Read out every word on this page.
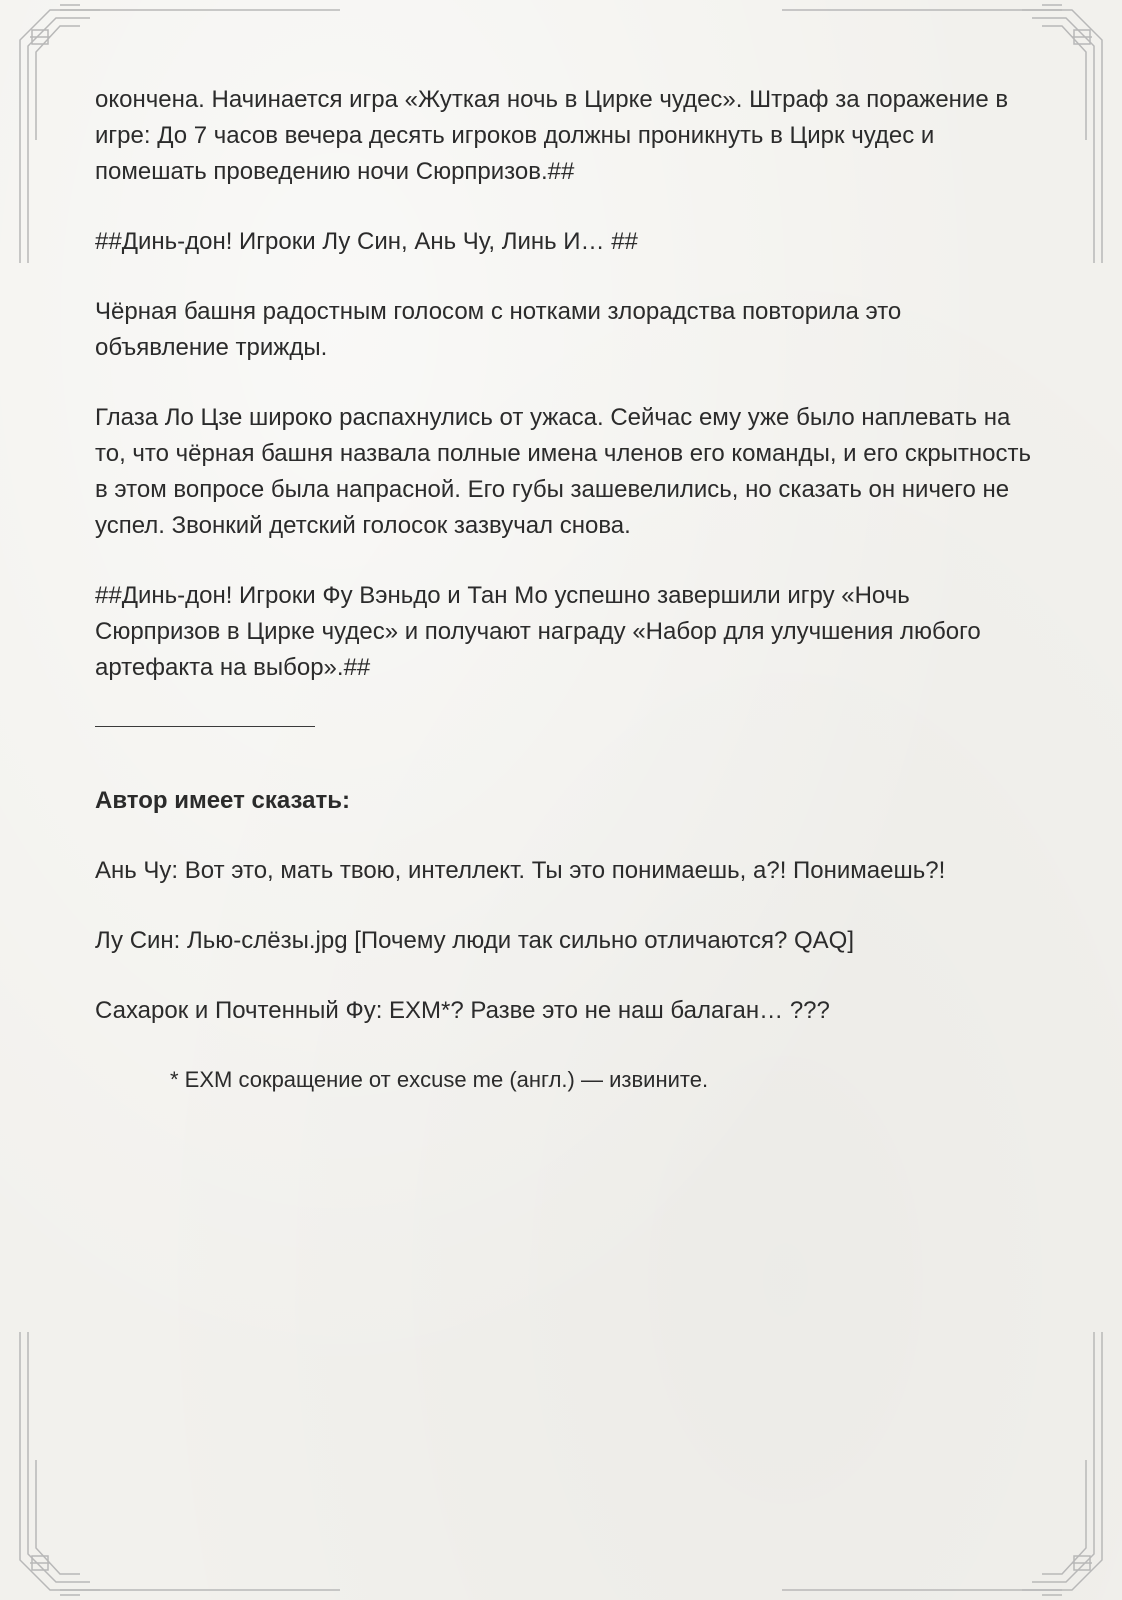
окончена. Начинается игра «Жуткая ночь в Цирке чудес». Штраф за поражение в игре: До 7 часов вечера десять игроков должны проникнуть в Цирк чудес и помешать проведению ночи Сюрпризов.##

##Динь-дон! Игроки Лу Син, Ань Чу, Линь И… ##

Чёрная башня радостным голосом с нотками злорадства повторила это объявление трижды.

Глаза Ло Цзе широко распахнулись от ужаса. Сейчас ему уже было наплевать на то, что чёрная башня назвала полные имена членов его команды, и его скрытность в этом вопросе была напрасной. Его губы зашевелились, но сказать он ничего не успел. Звонкий детский голосок зазвучал снова.

##Динь-дон! Игроки Фу Вэньдо и Тан Мо успешно завершили игру «Ночь Сюрпризов в Цирке чудес» и получают награду «Набор для улучшения любого артефакта на выбор».##

Автор имеет сказать:

Ань Чу: Вот это, мать твою, интеллект. Ты это понимаешь, а?! Понимаешь?!

Лу Син: Лью-слёзы.jpg [Почему люди так сильно отличаются? QAQ]

Сахарок и Почтенный Фу: EXM*? Разве это не наш балаган… ???

* EXM сокращение от excuse me (англ.) — извините.
